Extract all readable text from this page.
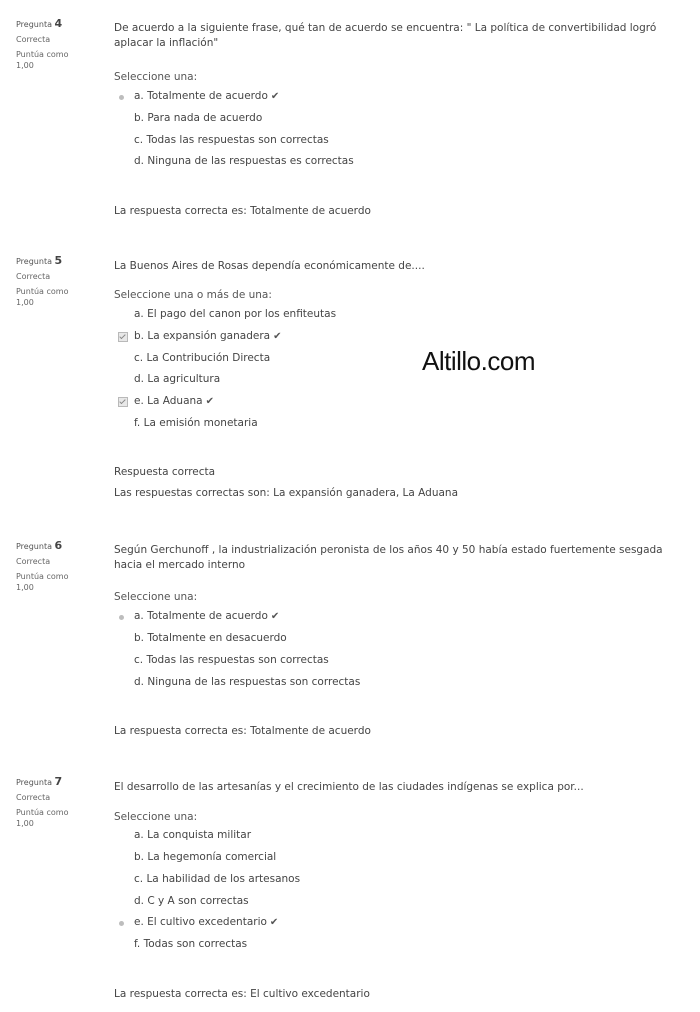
Altillo.com
Pregunta 4
Correcta
Puntúa como 1,00
De acuerdo a la siguiente frase, qué tan de acuerdo se encuentra: " La política de convertibilidad logró aplacar la inflación"
Seleccione una:
a. Totalmente de acuerdo ✔
b. Para nada de acuerdo
c. Todas las respuestas son correctas
d. Ninguna de las respuestas es correctas
La respuesta correcta es: Totalmente de acuerdo
Pregunta 5
Correcta
Puntúa como 1,00
La Buenos Aires de Rosas dependía económicamente de....
Seleccione una o más de una:
a. El pago del canon por los enfiteutas
b. La expansión ganadera ✔
c. La Contribución Directa
d. La agricultura
e. La Aduana ✔
f. La emisión monetaria
Respuesta correcta
Las respuestas correctas son: La expansión ganadera, La Aduana
Pregunta 6
Correcta
Puntúa como 1,00
Según Gerchunoff , la industrialización peronista de los años 40 y 50 había estado fuertemente sesgada hacia el mercado interno
Seleccione una:
a. Totalmente de acuerdo ✔
b. Totalmente en desacuerdo
c. Todas las respuestas son correctas
d. Ninguna de las respuestas son correctas
La respuesta correcta es: Totalmente de acuerdo
Pregunta 7
Correcta
Puntúa como 1,00
El desarrollo de las artesanías y el crecimiento de las ciudades indígenas se explica por...
Seleccione una:
a. La conquista militar
b. La hegemonía comercial
c. La habilidad de los artesanos
d. C y A son correctas
e. El cultivo excedentario ✔
f. Todas son correctas
La respuesta correcta es: El cultivo excedentario
